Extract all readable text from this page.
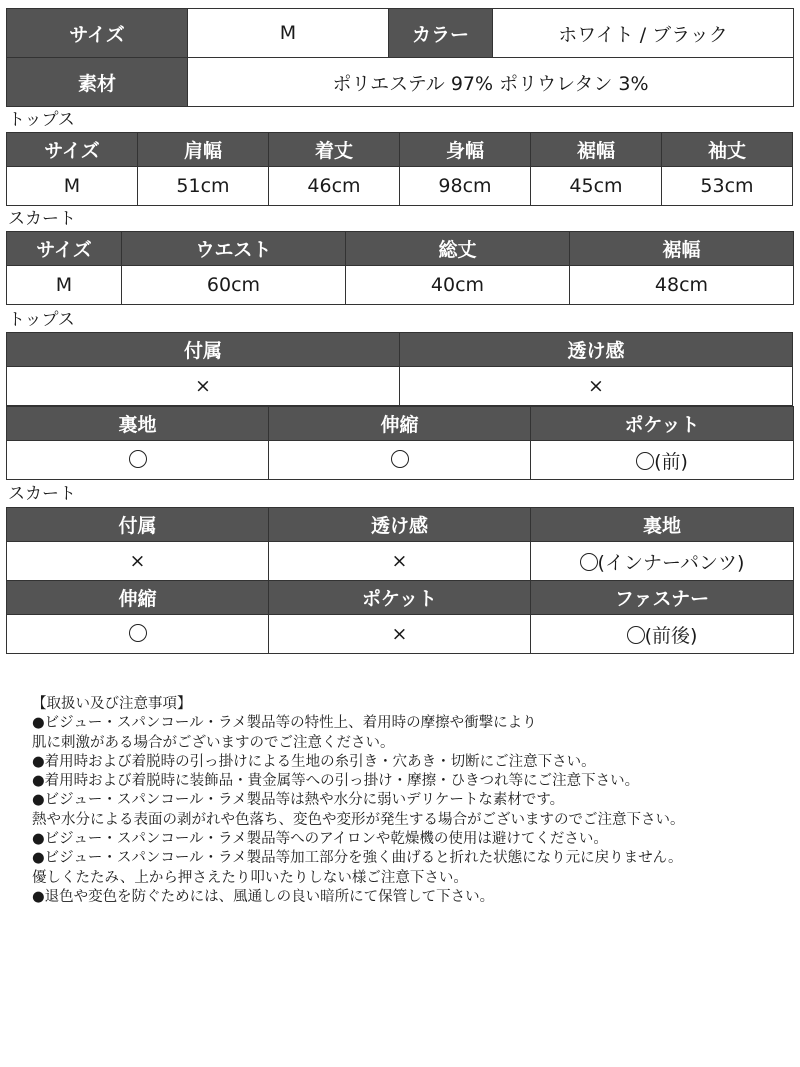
サイズ	M	カラー	ホワイト / ブラック
素材	ポリエステル 97% ポリウレタン 3%		
トップス
サイズ	肩幅	着丈	身幅	裾幅	袖丈
M	51cm	46cm	98cm	45cm	53cm
スカート
サイズ	ウエスト	総丈	裾幅
M	60cm	40cm	48cm
トップス
付属	透け感
×	×
裏地	伸縮	ポケット
		(前)
スカート
付属	透け感	裏地
×	×	(インナーパンツ)
伸縮	ポケット	ファスナー
	×	(前後)
【取扱い及び注意事項】
●ビジュー・スパンコール・ラメ製品等の特性上、着用時の摩擦や衝撃により
肌に刺激がある場合がございますのでご注意ください。
●着用時および着脱時の引っ掛けによる生地の糸引き・穴あき・切断にご注意下さい。
●着用時および着脱時に装飾品・貴金属等への引っ掛け・摩擦・ひきつれ等にご注意下さい。
●ビジュー・スパンコール・ラメ製品等は熱や水分に弱いデリケートな素材です。
熱や水分による表面の剥がれや色落ち、変色や変形が発生する場合がございますのでご注意下さい。
●ビジュー・スパンコール・ラメ製品等へのアイロンや乾燥機の使用は避けてください。
●ビジュー・スパンコール・ラメ製品等加工部分を強く曲げると折れた状態になり元に戻りません。
優しくたたみ、上から押さえたり叩いたりしない様ご注意下さい。
●退色や変色を防ぐためには、風通しの良い暗所にて保管して下さい。
